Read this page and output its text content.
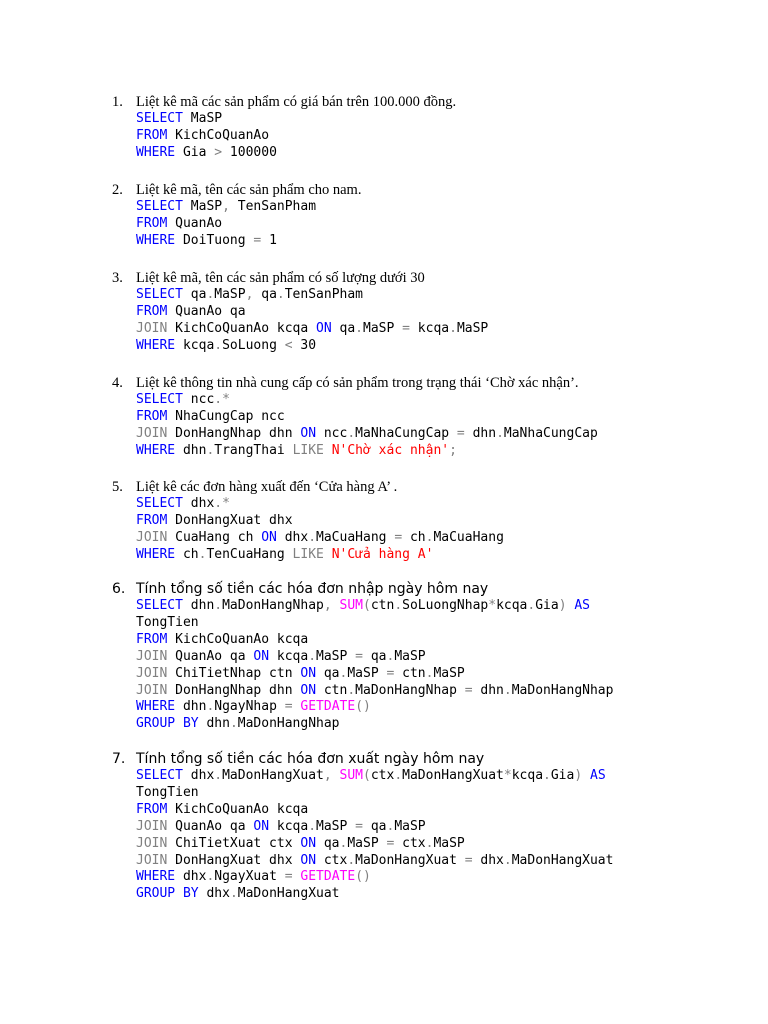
1. Liệt kê mã các sản phẩm có giá bán trên 100.000 đồng.
SELECT MaSP
FROM KichCoQuanAo
WHERE Gia > 100000
2. Liệt kê mã, tên các sản phẩm cho nam.
SELECT MaSP, TenSanPham
FROM QuanAo
WHERE DoiTuong = 1
3. Liệt kê mã, tên các sản phẩm có số lượng dưới 30
SELECT qa.MaSP, qa.TenSanPham
FROM QuanAo qa
JOIN KichCoQuanAo kcqa ON qa.MaSP = kcqa.MaSP
WHERE kcqa.SoLuong < 30
4. Liệt kê thông tin nhà cung cấp có sản phẩm trong trạng thái ‘Chờ xác nhận’.
SELECT ncc.*
FROM NhaCungCap ncc
JOIN DonHangNhap dhn ON ncc.MaNhaCungCap = dhn.MaNhaCungCap
WHERE dhn.TrangThai LIKE N'Chờ xác nhận';
5. Liệt kê các đơn hàng xuất đến ‘Cửa hàng A’ .
SELECT dhx.*
FROM DonHangXuat dhx
JOIN CuaHang ch ON dhx.MaCuaHang = ch.MaCuaHang
WHERE ch.TenCuaHang LIKE N'Cửa hàng A'
6. Tính tổng số tiền các hóa đơn nhập ngày hôm nay
SELECT dhn.MaDonHangNhap, SUM(ctn.SoLuongNhap*kcqa.Gia) AS
TongTien
FROM KichCoQuanAo kcqa
JOIN QuanAo qa ON kcqa.MaSP = qa.MaSP
JOIN ChiTietNhap ctn ON qa.MaSP = ctn.MaSP
JOIN DonHangNhap dhn ON ctn.MaDonHangNhap = dhn.MaDonHangNhap
WHERE dhn.NgayNhap = GETDATE()
GROUP BY dhn.MaDonHangNhap
7. Tính tổng số tiền các hóa đơn xuất ngày hôm nay
SELECT dhx.MaDonHangXuat, SUM(ctx.MaDonHangXuat*kcqa.Gia) AS
TongTien
FROM KichCoQuanAo kcqa
JOIN QuanAo qa ON kcqa.MaSP = qa.MaSP
JOIN ChiTietXuat ctx ON qa.MaSP = ctx.MaSP
JOIN DonHangXuat dhx ON ctx.MaDonHangXuat = dhx.MaDonHangXuat
WHERE dhx.NgayXuat = GETDATE()
GROUP BY dhx.MaDonHangXuat
